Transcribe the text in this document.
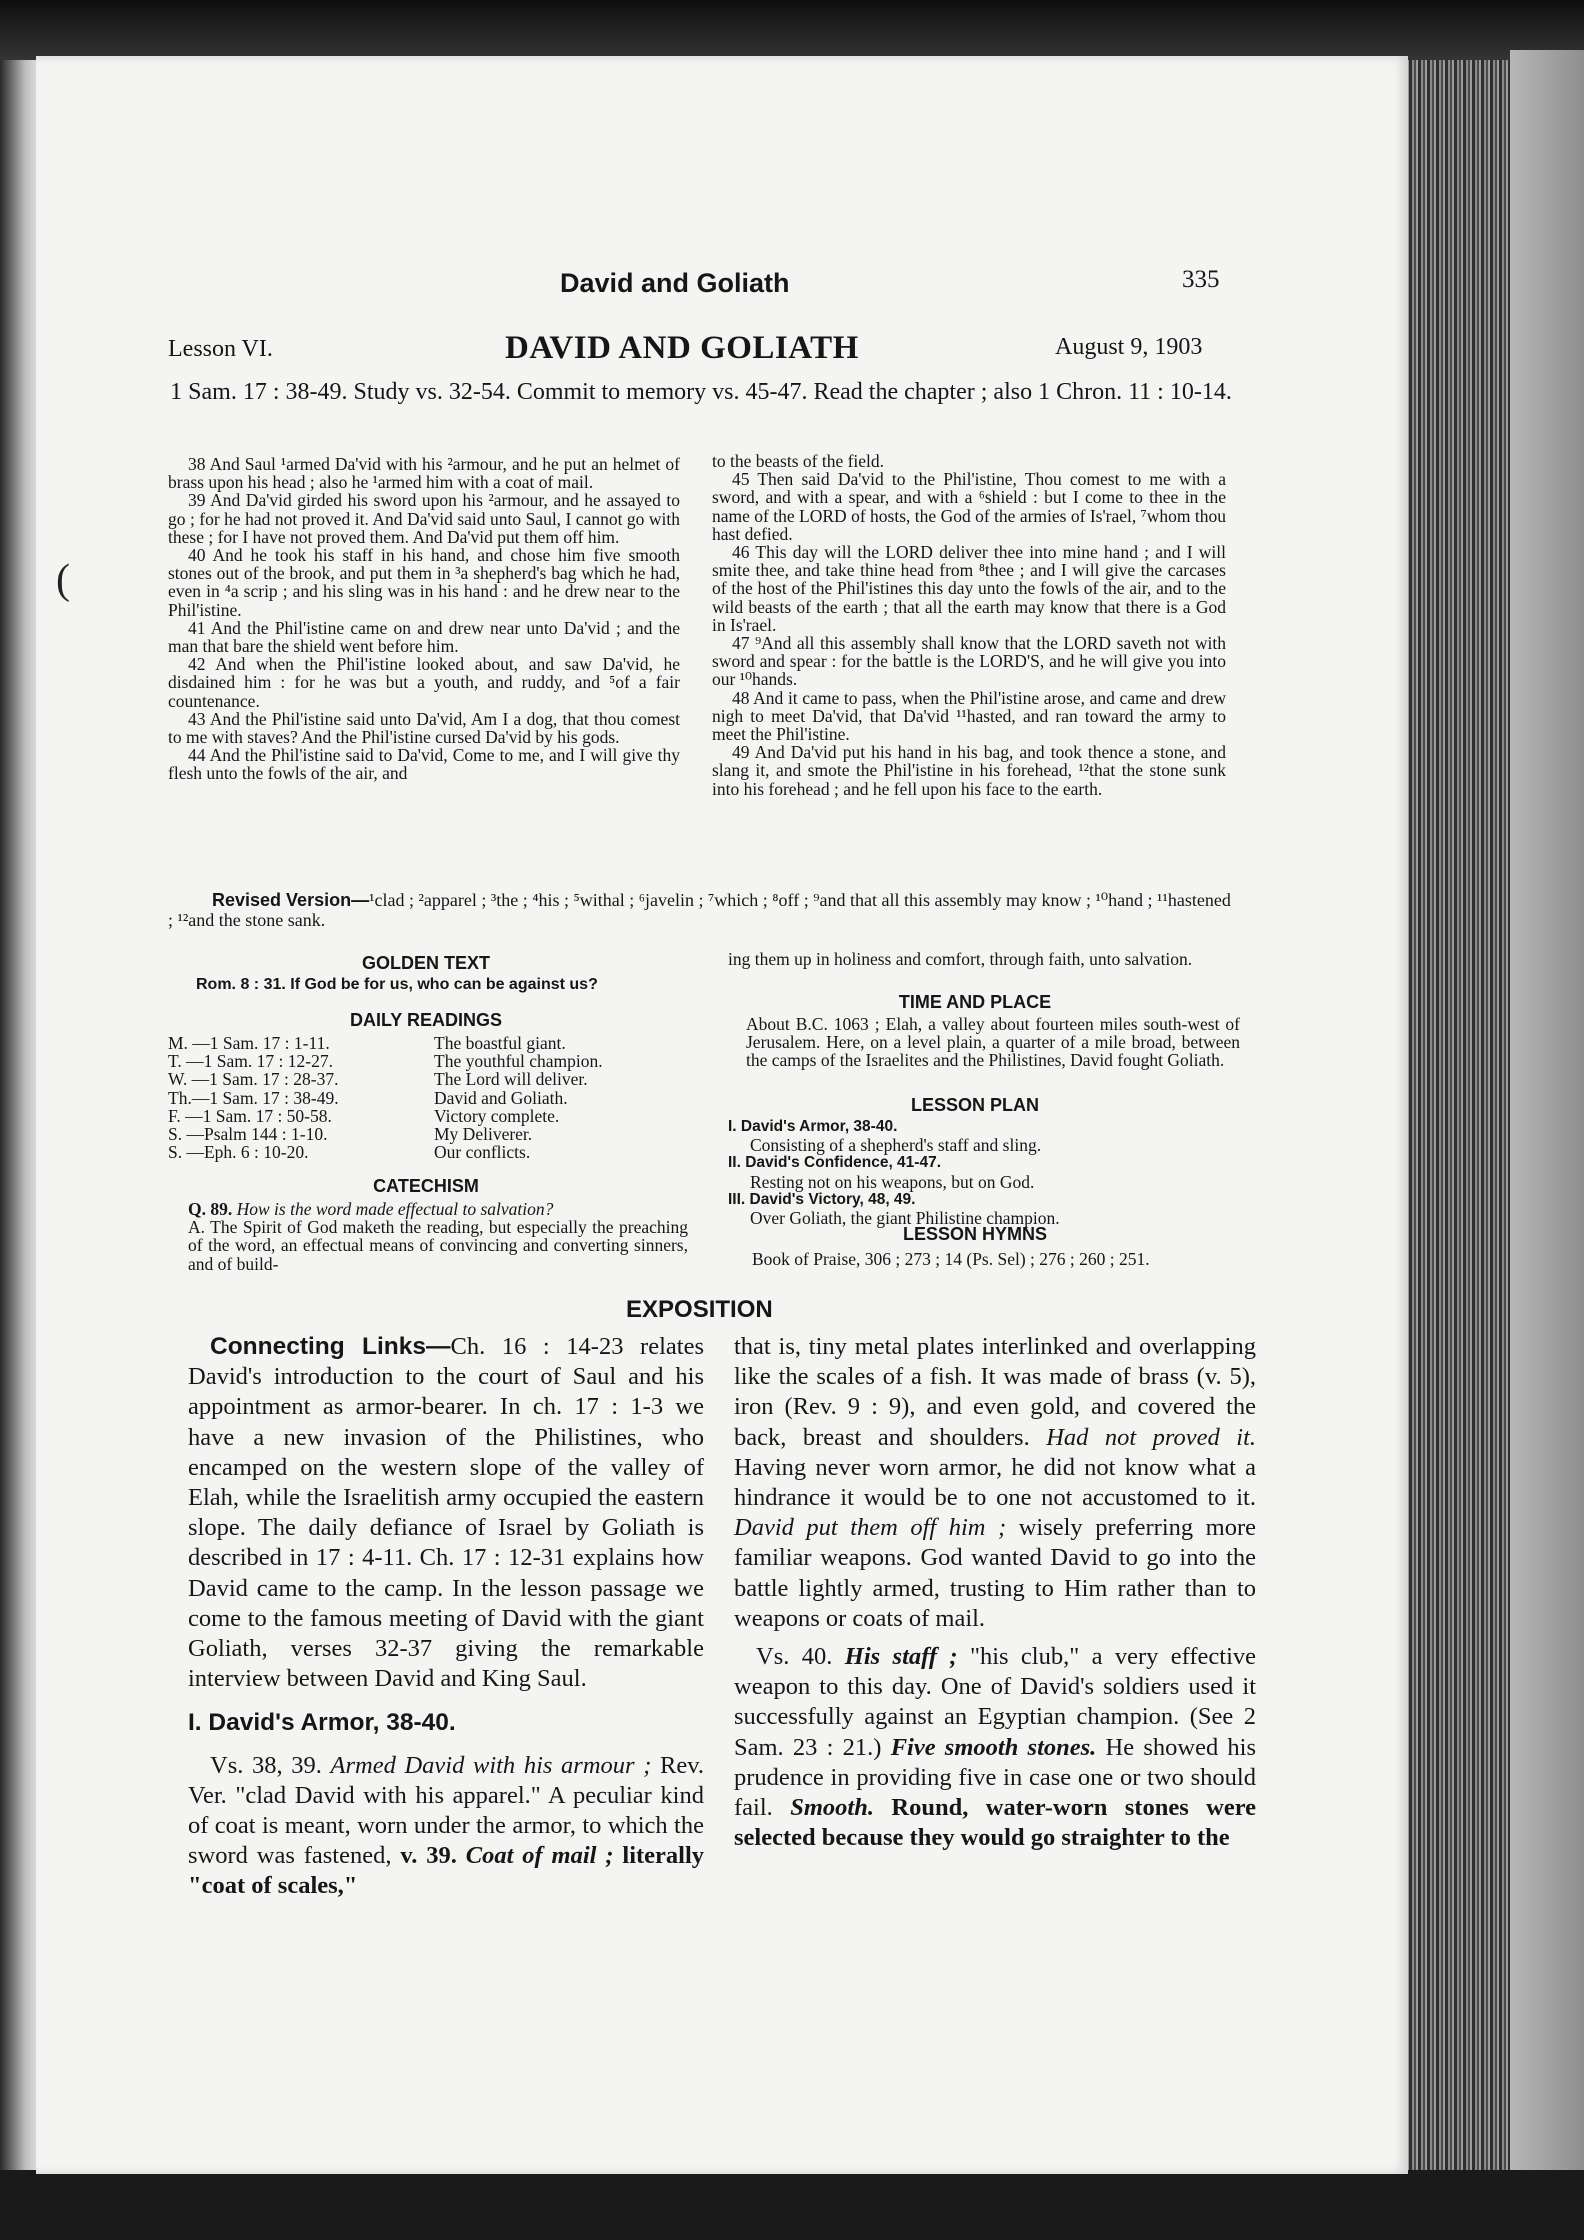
(
David and Goliath	335
Lesson VI.	DAVID AND GOLIATH	August 9, 1903
1 Sam. 17 : 38-49. Study vs. 32-54. Commit to memory vs. 45-47. Read the chapter ; also 1 Chron. 11 : 10-14.

38 And Saul ¹armed Da'vid with his ²armour, and he put an helmet of brass upon his head ; also he ¹armed him with a coat of mail.

39 And Da'vid girded his sword upon his ²armour, and he assayed to go ; for he had not proved it. And Da'vid said unto Saul, I cannot go with these ; for I have not proved them. And Da'vid put them off him.

40 And he took his staff in his hand, and chose him five smooth stones out of the brook, and put them in ³a shepherd's bag which he had, even in ⁴a scrip ; and his sling was in his hand : and he drew near to the Phil'istine.

41 And the Phil'istine came on and drew near unto Da'vid ; and the man that bare the shield went before him.

42 And when the Phil'istine looked about, and saw Da'vid, he disdained him : for he was but a youth, and ruddy, and ⁵of a fair countenance.

43 And the Phil'istine said unto Da'vid, Am I a dog, that thou comest to me with staves? And the Phil'istine cursed Da'vid by his gods.

44 And the Phil'istine said to Da'vid, Come to me, and I will give thy flesh unto the fowls of the air, and

to the beasts of the field.

45 Then said Da'vid to the Phil'istine, Thou comest to me with a sword, and with a spear, and with a ⁶shield : but I come to thee in the name of the LORD of hosts, the God of the armies of Is'rael, ⁷whom thou hast defied.

46 This day will the LORD deliver thee into mine hand ; and I will smite thee, and take thine head from ⁸thee ; and I will give the carcases of the host of the Phil'istines this day unto the fowls of the air, and to the wild beasts of the earth ; that all the earth may know that there is a God in Is'rael.

47 ⁹And all this assembly shall know that the LORD saveth not with sword and spear : for the battle is the LORD'S, and he will give you into our ¹⁰hands.

48 And it came to pass, when the Phil'istine arose, and came and drew nigh to meet Da'vid, that Da'vid ¹¹hasted, and ran toward the army to meet the Phil'istine.

49 And Da'vid put his hand in his bag, and took thence a stone, and slang it, and smote the Phil'istine in his forehead, ¹²that the stone sunk into his forehead ; and he fell upon his face to the earth.

Revised Version—¹clad ; ²apparel ; ³the ; ⁴his ; ⁵withal ; ⁶javelin ; ⁷which ; ⁸off ; ⁹and that all this assembly may know ; ¹⁰hand ; ¹¹hastened ; ¹²and the stone sank.
GOLDEN TEXT
Rom. 8 : 31. If God be for us, who can be against us?
DAILY READINGS
M. —1 Sam. 17 : 1-11.	The boastful giant.
T. —1 Sam. 17 : 12-27.	The youthful champion.
W. —1 Sam. 17 : 28-37.	The Lord will deliver.
Th.—1 Sam. 17 : 38-49.	David and Goliath.
F. —1 Sam. 17 : 50-58.	Victory complete.
S. —Psalm 144 : 1-10.	My Deliverer.
S. —Eph. 6 : 10-20.	Our conflicts.
CATECHISM
Q. 89. How is the word made effectual to salvation?
A. The Spirit of God maketh the reading, but especially the preaching of the word, an effectual means of convincing and converting sinners, and of build-
ing them up in holiness and comfort, through faith, unto salvation.
TIME AND PLACE
About B.C. 1063 ; Elah, a valley about fourteen miles south-west of Jerusalem. Here, on a level plain, a quarter of a mile broad, between the camps of the Israelites and the Philistines, David fought Goliath.
LESSON PLAN
I. David's Armor, 38-40.
Consisting of a shepherd's staff and sling.
II. David's Confidence, 41-47.
Resting not on his weapons, but on God.
III. David's Victory, 48, 49.
Over Goliath, the giant Philistine champion.
LESSON HYMNS
Book of Praise, 306 ; 273 ; 14 (Ps. Sel) ; 276 ; 260 ; 251.
EXPOSITION

Connecting Links—Ch. 16 : 14-23 relates David's introduction to the court of Saul and his appointment as armor-bearer. In ch. 17 : 1-3 we have a new invasion of the Philistines, who encamped on the western slope of the valley of Elah, while the Israelitish army occupied the eastern slope. The daily defiance of Israel by Goliath is described in 17 : 4-11. Ch. 17 : 12-31 explains how David came to the camp. In the lesson passage we come to the famous meeting of David with the giant Goliath, verses 32-37 giving the remarkable interview between David and King Saul.

I. David's Armor, 38-40.

Vs. 38, 39. Armed David with his armour ; Rev. Ver. "clad David with his apparel." A peculiar kind of coat is meant, worn under the armor, to which the sword was fastened, v. 39. Coat of mail ; literally "coat of scales,"

that is, tiny metal plates interlinked and overlapping like the scales of a fish. It was made of brass (v. 5), iron (Rev. 9 : 9), and even gold, and covered the back, breast and shoulders. Had not proved it. Having never worn armor, he did not know what a hindrance it would be to one not accustomed to it. David put them off him ; wisely preferring more familiar weapons. God wanted David to go into the battle lightly armed, trusting to Him rather than to weapons or coats of mail.

Vs. 40. His staff ; "his club," a very effective weapon to this day. One of David's soldiers used it successfully against an Egyptian champion. (See 2 Sam. 23 : 21.) Five smooth stones. He showed his prudence in providing five in case one or two should fail. Smooth. Round, water-worn stones were selected because they would go straighter to the
